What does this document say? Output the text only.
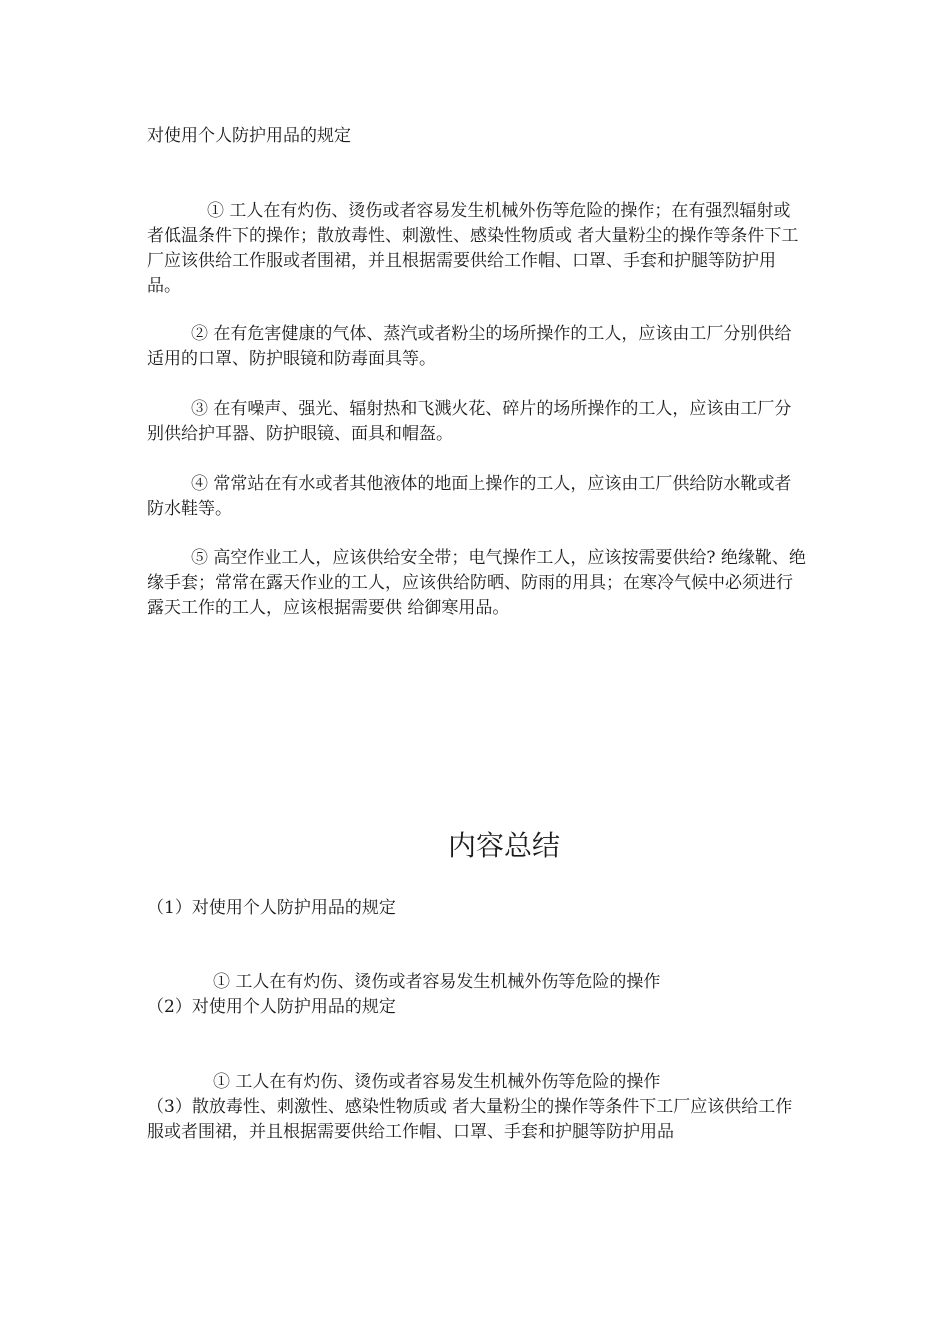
对使用个人防护用品的规定

① 工人在有灼伤、烫伤或者容易发生机械外伤等危险的操作；在有强烈辐射或者低温条件下的操作；散放毒性、刺激性、感染性物质或 者大量粉尘的操作等条件下工厂应该供给工作服或者围裙，并且根据需要供给工作帽、口罩、手套和护腿等防护用品。

② 在有危害健康的气体、蒸汽或者粉尘的场所操作的工人，应该由工厂分别供给适用的口罩、防护眼镜和防毒面具等。

③ 在有噪声、强光、辐射热和飞溅火花、碎片的场所操作的工人，应该由工厂分别供给护耳器、防护眼镜、面具和帽盔。

④ 常常站在有水或者其他液体的地面上操作的工人，应该由工厂供给防水靴或者防水鞋等。

⑤ 高空作业工人，应该供给安全带；电气操作工人，应该按需要供给? 绝缘靴、绝缘手套；常常在露天作业的工人，应该供给防晒、防雨的用具；在寒冷气候中必须进行露天工作的工人，应该根据需要供 给御寒用品。

内容总结

（1）对使用个人防护用品的规定

① 工人在有灼伤、烫伤或者容易发生机械外伤等危险的操作

（2）对使用个人防护用品的规定

① 工人在有灼伤、烫伤或者容易发生机械外伤等危险的操作

（3）散放毒性、刺激性、感染性物质或 者大量粉尘的操作等条件下工厂应该供给工作服或者围裙，并且根据需要供给工作帽、口罩、手套和护腿等防护用品
